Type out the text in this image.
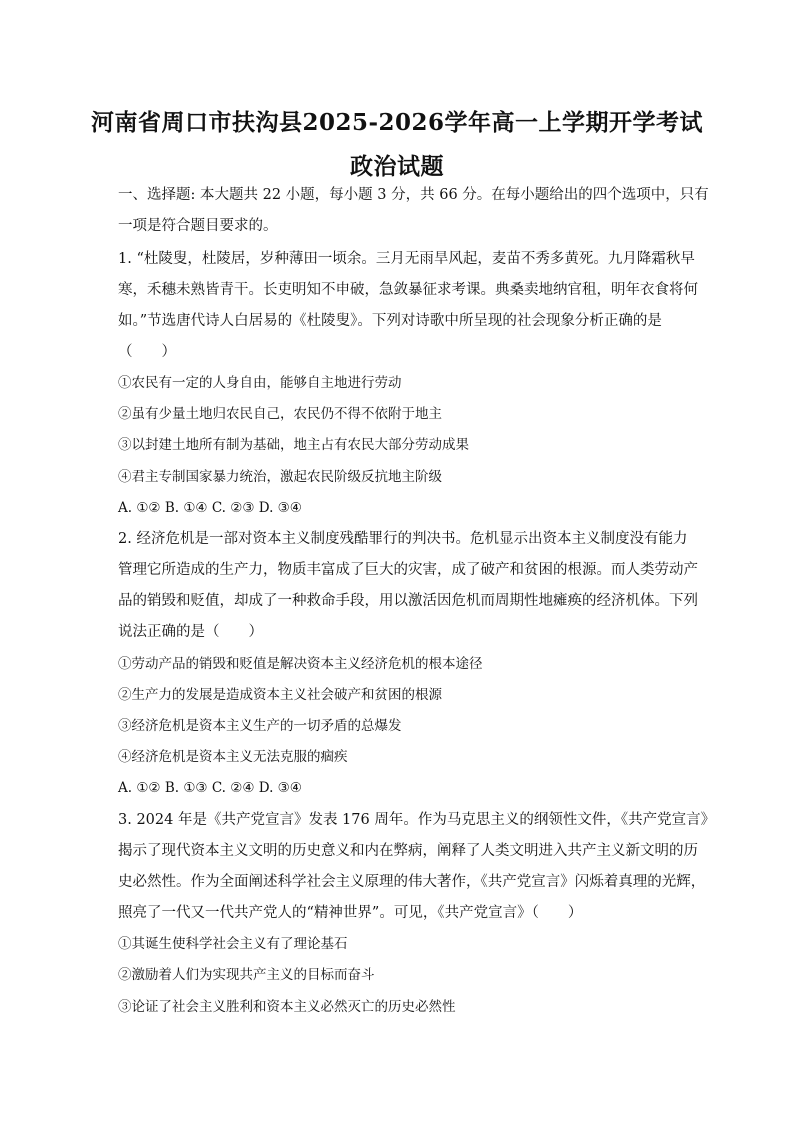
河南省周口市扶沟县2025-2026学年高一上学期开学考试
政治试题
一、选择题: 本大题共 22 小题，每小题 3 分，共 66 分。在每小题给出的四个选项中，只有
一项是符合题目要求的。
1. “杜陵叟，杜陵居，岁种薄田一顷余。三月无雨旱风起，麦苗不秀多黄死。九月降霜秋早
寒，禾穗未熟皆青干。长吏明知不申破，急敛暴征求考课。典桑卖地纳官租，明年衣食将何
如。”节选唐代诗人白居易的《杜陵叟》。下列对诗歌中所呈现的社会现象分析正确的是
（　　）
①农民有一定的人身自由，能够自主地进行劳动
②虽有少量土地归农民自己，农民仍不得不依附于地主
③以封建土地所有制为基础，地主占有农民大部分劳动成果
④君主专制国家暴力统治，激起农民阶级反抗地主阶级
A. ①② B. ①④ C. ②③ D. ③④
2. 经济危机是一部对资本主义制度残酷罪行的判决书。危机显示出资本主义制度没有能力
管理它所造成的生产力，物质丰富成了巨大的灾害，成了破产和贫困的根源。而人类劳动产
品的销毁和贬值，却成了一种救命手段，用以激活因危机而周期性地瘫痪的经济机体。下列
说法正确的是（　　）
①劳动产品的销毁和贬值是解决资本主义经济危机的根本途径
②生产力的发展是造成资本主义社会破产和贫困的根源
③经济危机是资本主义生产的一切矛盾的总爆发
④经济危机是资本主义无法克服的痼疾
A. ①② B. ①③ C. ②④ D. ③④
3. 2024 年是《共产党宣言》发表 176 周年。作为马克思主义的纲领性文件，《共产党宣言》
揭示了现代资本主义文明的历史意义和内在弊病，阐释了人类文明进入共产主义新文明的历
史必然性。作为全面阐述科学社会主义原理的伟大著作，《共产党宣言》闪烁着真理的光辉，
照亮了一代又一代共产党人的“精神世界”。可见，《共产党宣言》（　　）
①其诞生使科学社会主义有了理论基石
②激励着人们为实现共产主义的目标而奋斗
③论证了社会主义胜利和资本主义必然灭亡的历史必然性
